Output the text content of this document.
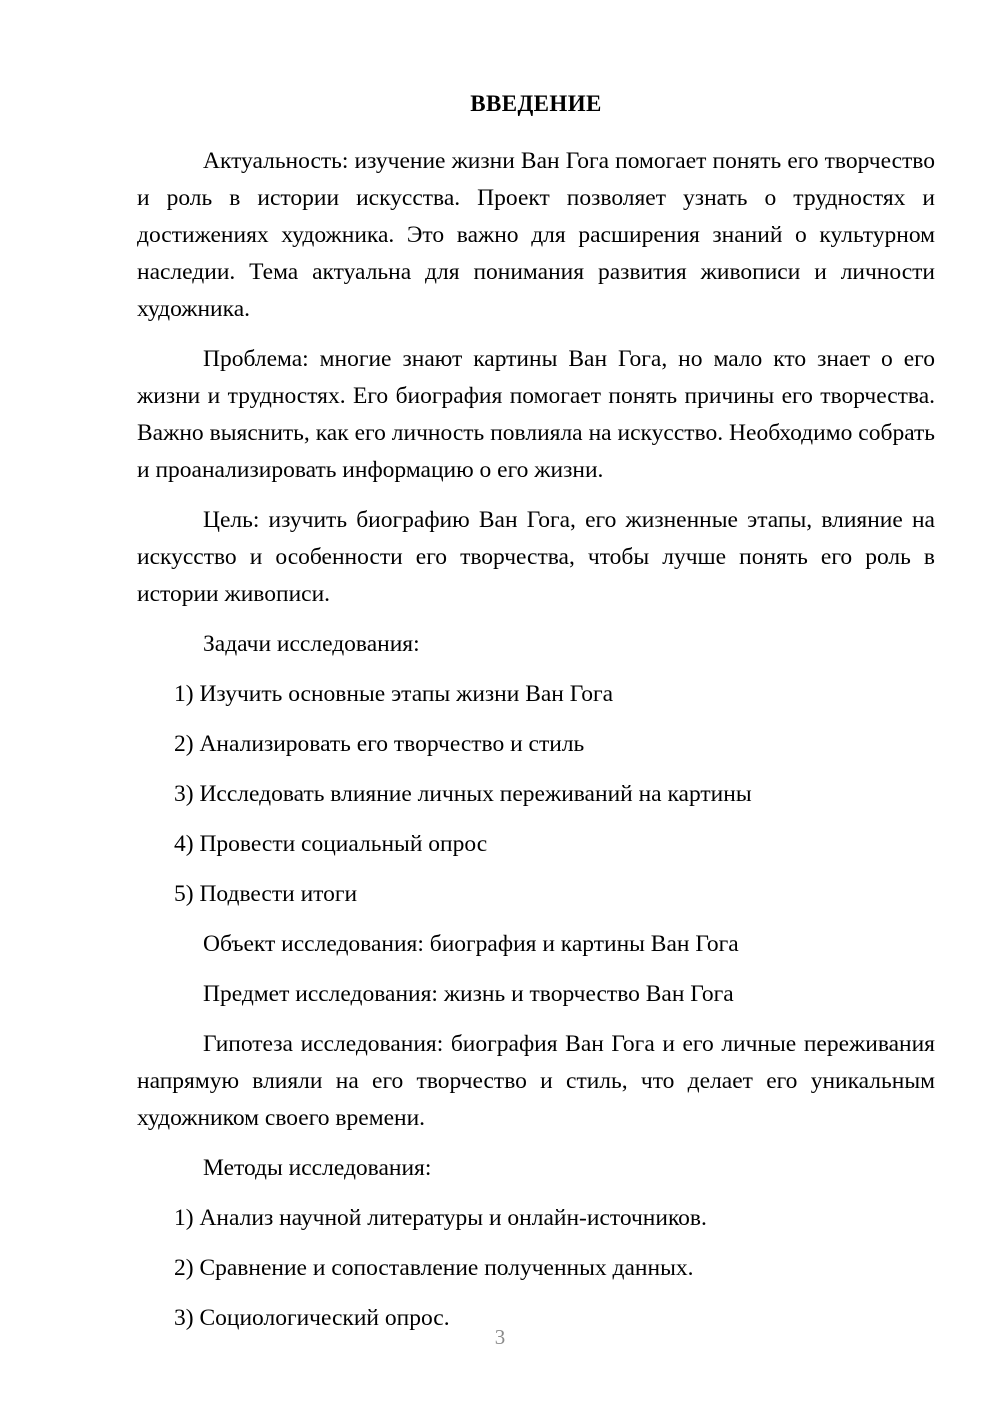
ВВЕДЕНИЕ

Актуальность: изучение жизни Ван Гога помогает понять его творчество и роль в истории искусства. Проект позволяет узнать о трудностях и достижениях художника. Это важно для расширения знаний о культурном наследии. Тема актуальна для понимания развития живописи и личности художника.

Проблема: многие знают картины Ван Гога, но мало кто знает о его жизни и трудностях. Его биография помогает понять причины его творчества. Важно выяснить, как его личность повлияла на искусство. Необходимо собрать и проанализировать информацию о его жизни.

Цель: изучить биографию Ван Гога, его жизненные этапы, влияние на искусство и особенности его творчества, чтобы лучше понять его роль в истории живописи.

Задачи исследования:

1) Изучить основные этапы жизни Ван Гога

2) Анализировать его творчество и стиль

3) Исследовать влияние личных переживаний на картины

4) Провести социальный опрос

5) Подвести итоги

Объект исследования: биография и картины Ван Гога

Предмет исследования: жизнь и творчество Ван Гога

Гипотеза исследования: биография Ван Гога и его личные переживания напрямую влияли на его творчество и стиль, что делает его уникальным художником своего времени.

Методы исследования:

1) Анализ научной литературы и онлайн-источников.

2) Сравнение и сопоставление полученных данных.

3) Социологический опрос.

3
